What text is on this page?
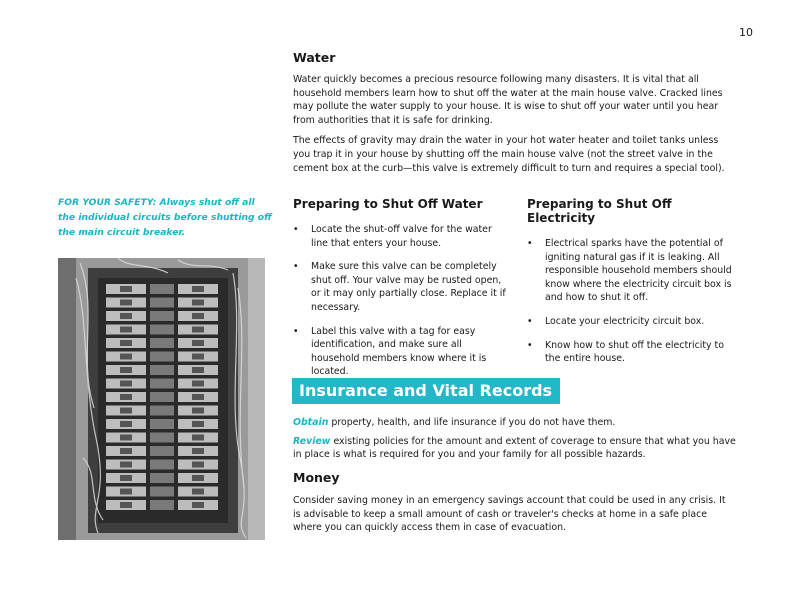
10
Water

Water quickly becomes a precious resource following many disasters. It is vital that all household members learn how to shut off the water at the main house valve. Cracked lines may pollute the water supply to your house. It is wise to shut off your water until you hear from authorities that it is safe for drinking.

The effects of gravity may drain the water in your hot water heater and toilet tanks unless you trap it in your house by shutting off the main house valve (not the street valve in the cement box at the curb—this valve is extremely difficult to turn and requires a special tool).

FOR YOUR SAFETY: Always shut off all the individual circuits before shutting off the main circuit breaker.
Preparing to Shut Off Water
• Locate the shut-off valve for the water line that enters your house.
• Make sure this valve can be completely shut off. Your valve may be rusted open, or it may only partially close. Replace it if necessary.
• Label this valve with a tag for easy identification, and make sure all household members know where it is located.
Preparing to Shut Off Electricity
• Electrical sparks have the potential of igniting natural gas if it is leaking. All responsible household members should know where the electricity circuit box is and how to shut it off.
• Locate your electricity circuit box.
• Know how to shut off the electricity to the entire house.
Insurance and Vital Records

Obtain property, health, and life insurance if you do not have them.

Review existing policies for the amount and extent of coverage to ensure that what you have in place is what is required for you and your family for all possible hazards.

Money

Consider saving money in an emergency savings account that could be used in any crisis. It is advisable to keep a small amount of cash or traveler's checks at home in a safe place where you can quickly access them in case of evacuation.
